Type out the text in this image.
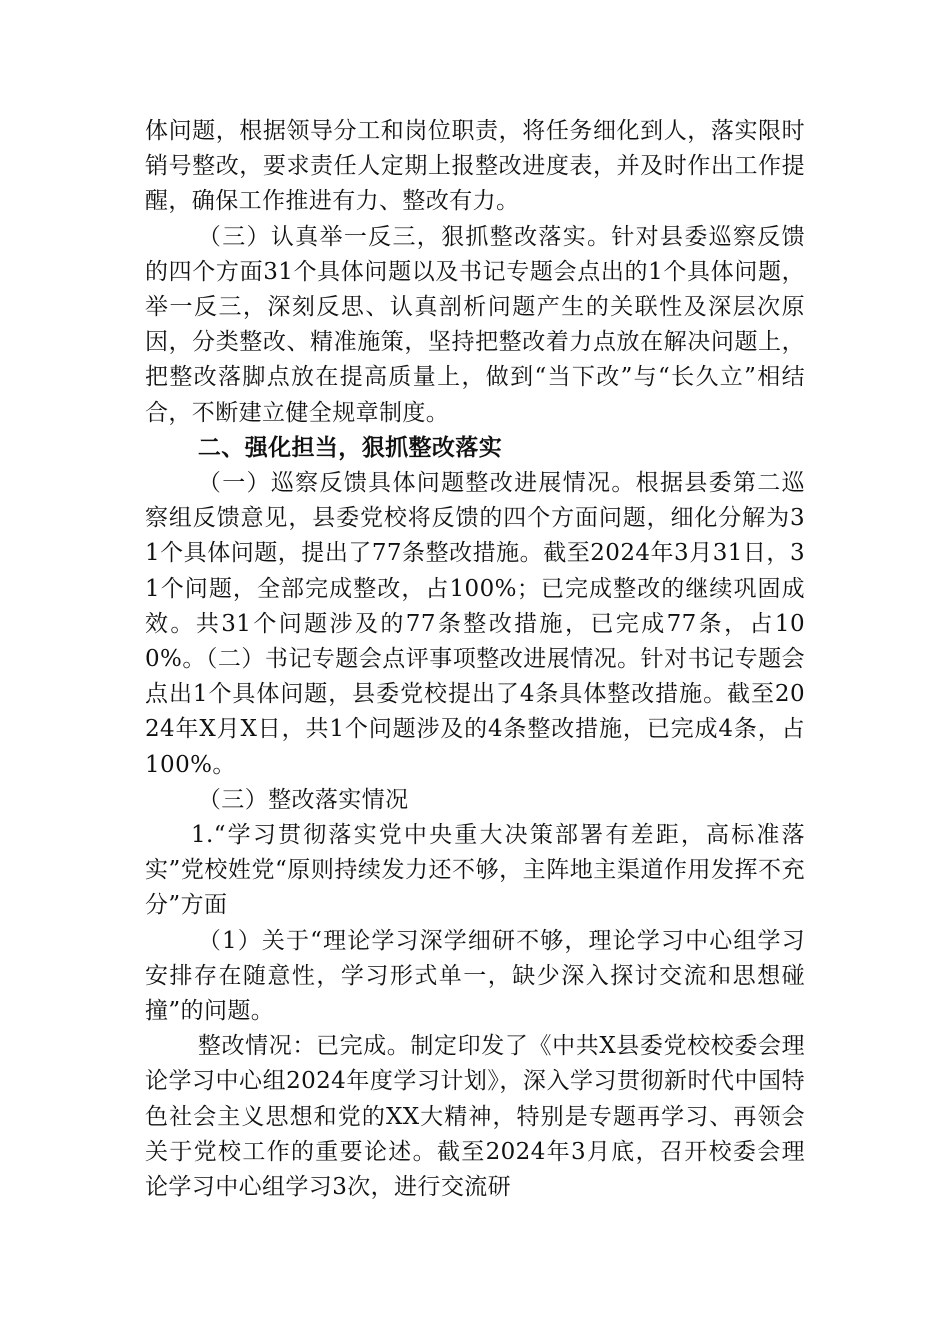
体问题，根据领导分工和岗位职责，将任务细化到人，落实限时销号整改，要求责任人定期上报整改进度表，并及时作出工作提醒，确保工作推进有力、整改有力。

（三）认真举一反三，狠抓整改落实。针对县委巡察反馈的四个方面31个具体问题以及书记专题会点出的1个具体问题，举一反三，深刻反思、认真剖析问题产生的关联性及深层次原因，分类整改、精准施策，坚持把整改着力点放在解决问题上，把整改落脚点放在提高质量上，做到“当下改”与“长久立”相结合，不断建立健全规章制度。

二、强化担当，狠抓整改落实

（一）巡察反馈具体问题整改进展情况。根据县委第二巡察组反馈意见，县委党校将反馈的四个方面问题，细化分解为31个具体问题，提出了77条整改措施。截至2024年3月31日，31个问题，全部完成整改，占100%；已完成整改的继续巩固成效。共31个问题涉及的77条整改措施，已完成77条，占100%。（二）书记专题会点评事项整改进展情况。针对书记专题会点出1个具体问题，县委党校提出了4条具体整改措施。截至2024年X月X日，共1个问题涉及的4条整改措施，已完成4条，占100%。

（三）整改落实情况

1.“学习贯彻落实党中央重大决策部署有差距，高标准落实”党校姓党“原则持续发力还不够，主阵地主渠道作用发挥不充分”方面

（1）关于“理论学习深学细研不够，理论学习中心组学习安排存在随意性，学习形式单一，缺少深入探讨交流和思想碰撞”的问题。

整改情况：已完成。制定印发了《中共X县委党校校委会理论学习中心组2024年度学习计划》，深入学习贯彻新时代中国特色社会主义思想和党的XX大精神，特别是专题再学习、再领会关于党校工作的重要论述。截至2024年3月底，召开校委会理论学习中心组学习3次，进行交流研
